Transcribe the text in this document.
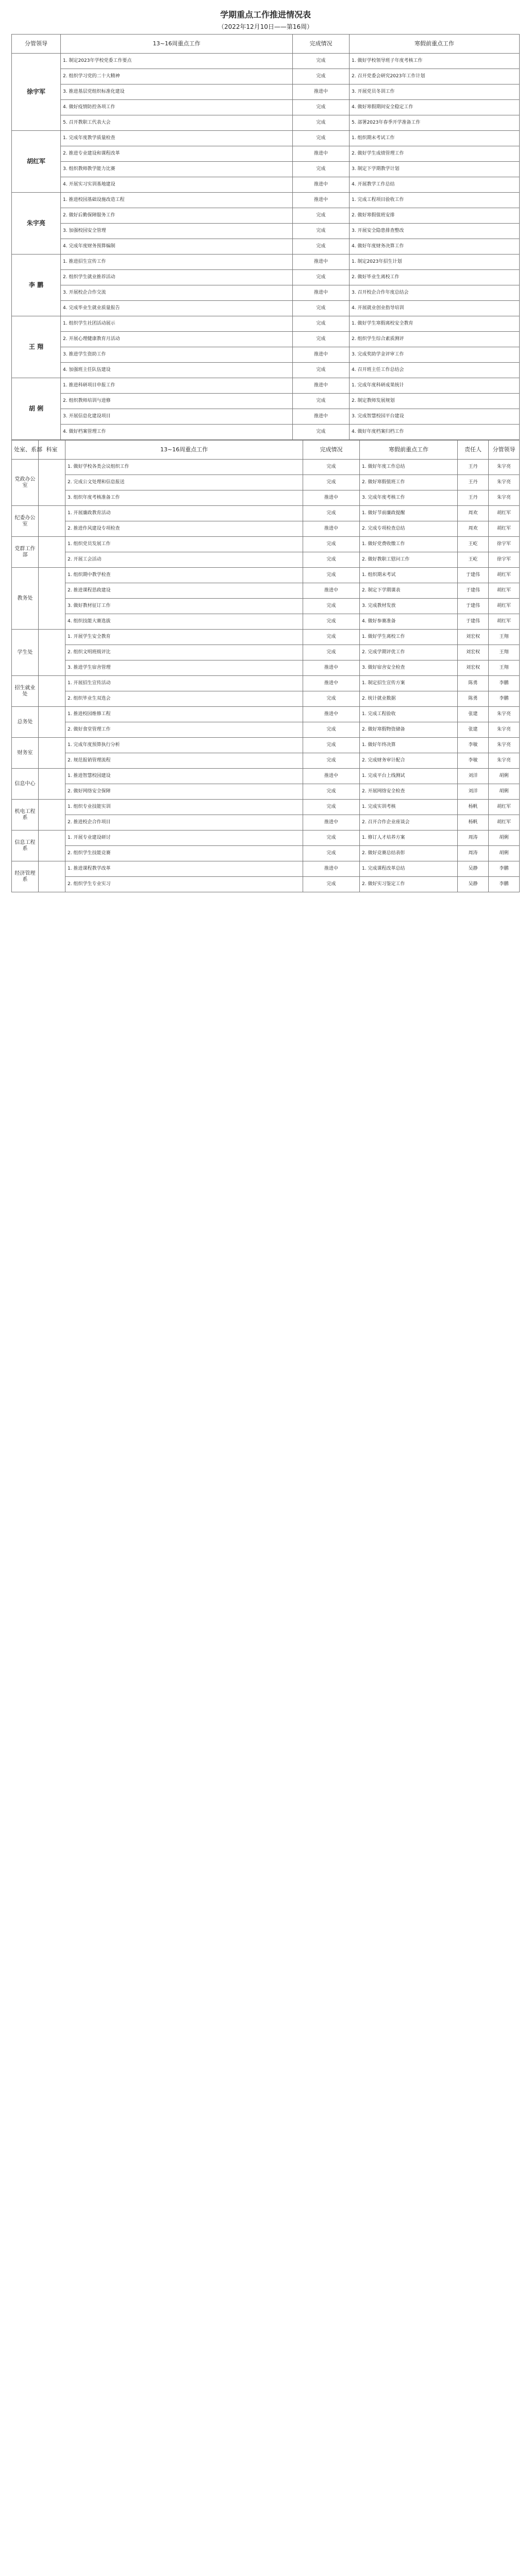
学期重点工作推进情况表
（2022年12月10日——第16周）
分管领导	13~16周重点工作	完成情况	寒假前重点工作
徐宇军	1. 制定2023年学校党委工作要点	完成	1. 做好学校领导班子年度考核工作
	2. 组织学习党的二十大精神	完成	2. 召开党委会研究2023年工作计划
	3. 推进基层党组织标准化建设	推进中	3. 开展党员冬训工作
	4. 做好疫情防控各项工作	完成	4. 做好寒假期间安全稳定工作
	5. 召开教职工代表大会	完成	5. 部署2023年春季开学准备工作
胡红军	1. 完成年度教学质量检查	完成	1. 组织期末考试工作
	2. 推进专业建设和课程改革	推进中	2. 做好学生成绩管理工作
	3. 组织教师教学能力比赛	完成	3. 制定下学期教学计划
	4. 开展实习实训基地建设	推进中	4. 开展教学工作总结
朱宇亮	1. 推进校园基础设施改造工程	推进中	1. 完成工程项目验收工作
	2. 做好后勤保障服务工作	完成	2. 做好寒假值班安排
	3. 加强校园安全管理	完成	3. 开展安全隐患排查整改
	4. 完成年度财务预算编制	完成	4. 做好年度财务决算工作
李 鹏	1. 推进招生宣传工作	推进中	1. 制定2023年招生计划
	2. 组织学生就业推荐活动	完成	2. 做好毕业生离校工作
	3. 开展校企合作交流	推进中	3. 召开校企合作年度总结会
	4. 完成毕业生就业质量报告	完成	4. 开展就业创业指导培训
王 翔	1. 组织学生社团活动展示	完成	1. 做好学生寒假离校安全教育
	2. 开展心理健康教育月活动	完成	2. 组织学生综合素质测评
	3. 推进学生资助工作	推进中	3. 完成奖助学金评审工作
	4. 加强班主任队伍建设	完成	4. 召开班主任工作总结会
胡 俐	1. 推进科研项目申报工作	推进中	1. 完成年度科研成果统计
	2. 组织教师培训与进修	完成	2. 制定教师发展规划
	3. 开展信息化建设项目	推进中	3. 完成智慧校园平台建设
	4. 做好档案管理工作	完成	4. 做好年度档案归档工作
处室、系部	科室	13~16周重点工作	完成情况	寒假前重点工作	责任人	分管领导
党政办公室		1. 做好学校各类会议组织工作	完成	1. 做好年度工作总结	王丹	朱宇亮
		2. 完成公文处理和信息报送	完成	2. 做好寒假值班工作	王丹	朱宇亮
		3. 组织年度考核准备工作	推进中	3. 完成年度考核工作	王丹	朱宇亮
纪委办公室		1. 开展廉政教育活动	完成	1. 做好节前廉政提醒	周欢	胡红军
		2. 推进作风建设专项检查	推进中	2. 完成专项检查总结	周欢	胡红军
党群工作部		1. 组织党员发展工作	完成	1. 做好党费收缴工作	王屹	徐宇军
		2. 开展工会活动	完成	2. 做好教职工慰问工作	王屹	徐宇军
教务处		1. 组织期中教学检查	完成	1. 组织期末考试	于建伟	胡红军
		2. 推进课程思政建设	推进中	2. 制定下学期课表	于建伟	胡红军
		3. 做好教材征订工作	完成	3. 完成教材发放	于建伟	胡红军
		4. 组织技能大赛选拔	完成	4. 做好参赛准备	于建伟	胡红军
学生处		1. 开展学生安全教育	完成	1. 做好学生离校工作	刘宏权	王翔
		2. 组织文明班级评比	完成	2. 完成学期评优工作	刘宏权	王翔
		3. 推进学生宿舍管理	推进中	3. 做好宿舍安全检查	刘宏权	王翔
招生就业处		1. 开展招生宣传活动	推进中	1. 制定招生宣传方案	陈勇	李鹏
		2. 组织毕业生双选会	完成	2. 统计就业数据	陈勇	李鹏
总务处		1. 推进校园维修工程	推进中	1. 完成工程验收	张建	朱宇亮
		2. 做好食堂管理工作	完成	2. 做好寒假物资储备	张建	朱宇亮
财务室		1. 完成年度预算执行分析	完成	1. 做好年终决算	李敏	朱宇亮
		2. 规范报销管理流程	完成	2. 完成财务审计配合	李敏	朱宇亮
信息中心		1. 推进智慧校园建设	推进中	1. 完成平台上线测试	刘洋	胡俐
		2. 做好网络安全保障	完成	2. 开展网络安全检查	刘洋	胡俐
机电工程系		1. 组织专业技能实训	完成	1. 完成实训考核	杨帆	胡红军
		2. 推进校企合作项目	推进中	2. 召开合作企业座谈会	杨帆	胡红军
信息工程系		1. 开展专业建设研讨	完成	1. 修订人才培养方案	周涛	胡俐
		2. 组织学生技能竞赛	完成	2. 做好竞赛总结表彰	周涛	胡俐
经济管理系		1. 推进课程教学改革	推进中	1. 完成课程改革总结	吴静	李鹏
		2. 组织学生专业实习	完成	2. 做好实习鉴定工作	吴静	李鹏
